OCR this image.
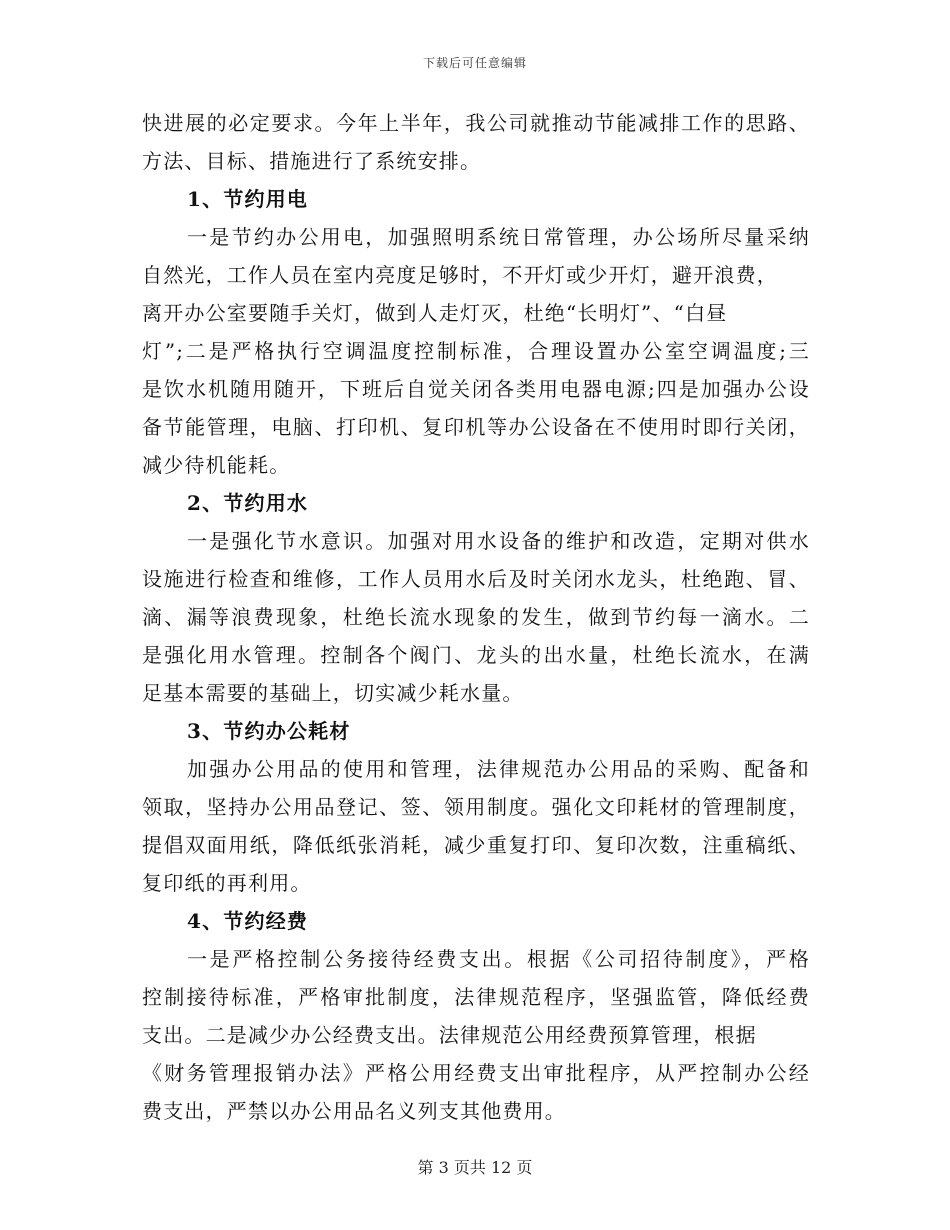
下载后可任意编辑
快进展的必定要求。今年上半年，我公司就推动节能减排工作的思路、
方法、目标、措施进行了系统安排。
1、节约用电
一是节约办公用电，加强照明系统日常管理，办公场所尽量采纳
自然光，工作人员在室内亮度足够时，不开灯或少开灯，避开浪费，
离开办公室要随手关灯，做到人走灯灭，杜绝“长明灯”、“白昼
灯”;二是严格执行空调温度控制标准，合理设置办公室空调温度;三
是饮水机随用随开，下班后自觉关闭各类用电器电源;四是加强办公设
备节能管理，电脑、打印机、复印机等办公设备在不使用时即行关闭，
减少待机能耗。
2、节约用水
一是强化节水意识。加强对用水设备的维护和改造，定期对供水
设施进行检查和维修，工作人员用水后及时关闭水龙头，杜绝跑、冒、
滴、漏等浪费现象，杜绝长流水现象的发生，做到节约每一滴水。二
是强化用水管理。控制各个阀门、龙头的出水量，杜绝长流水，在满
足基本需要的基础上，切实减少耗水量。
3、节约办公耗材
加强办公用品的使用和管理，法律规范办公用品的采购、配备和
领取，坚持办公用品登记、签、领用制度。强化文印耗材的管理制度，
提倡双面用纸，降低纸张消耗，减少重复打印、复印次数，注重稿纸、
复印纸的再利用。
4、节约经费
一是严格控制公务接待经费支出。根据《公司招待制度》，严格
控制接待标准，严格审批制度，法律规范程序，坚强监管，降低经费
支出。二是减少办公经费支出。法律规范公用经费预算管理，根据
《财务管理报销办法》严格公用经费支出审批程序，从严控制办公经
费支出，严禁以办公用品名义列支其他费用。
第 3 页共 12 页
